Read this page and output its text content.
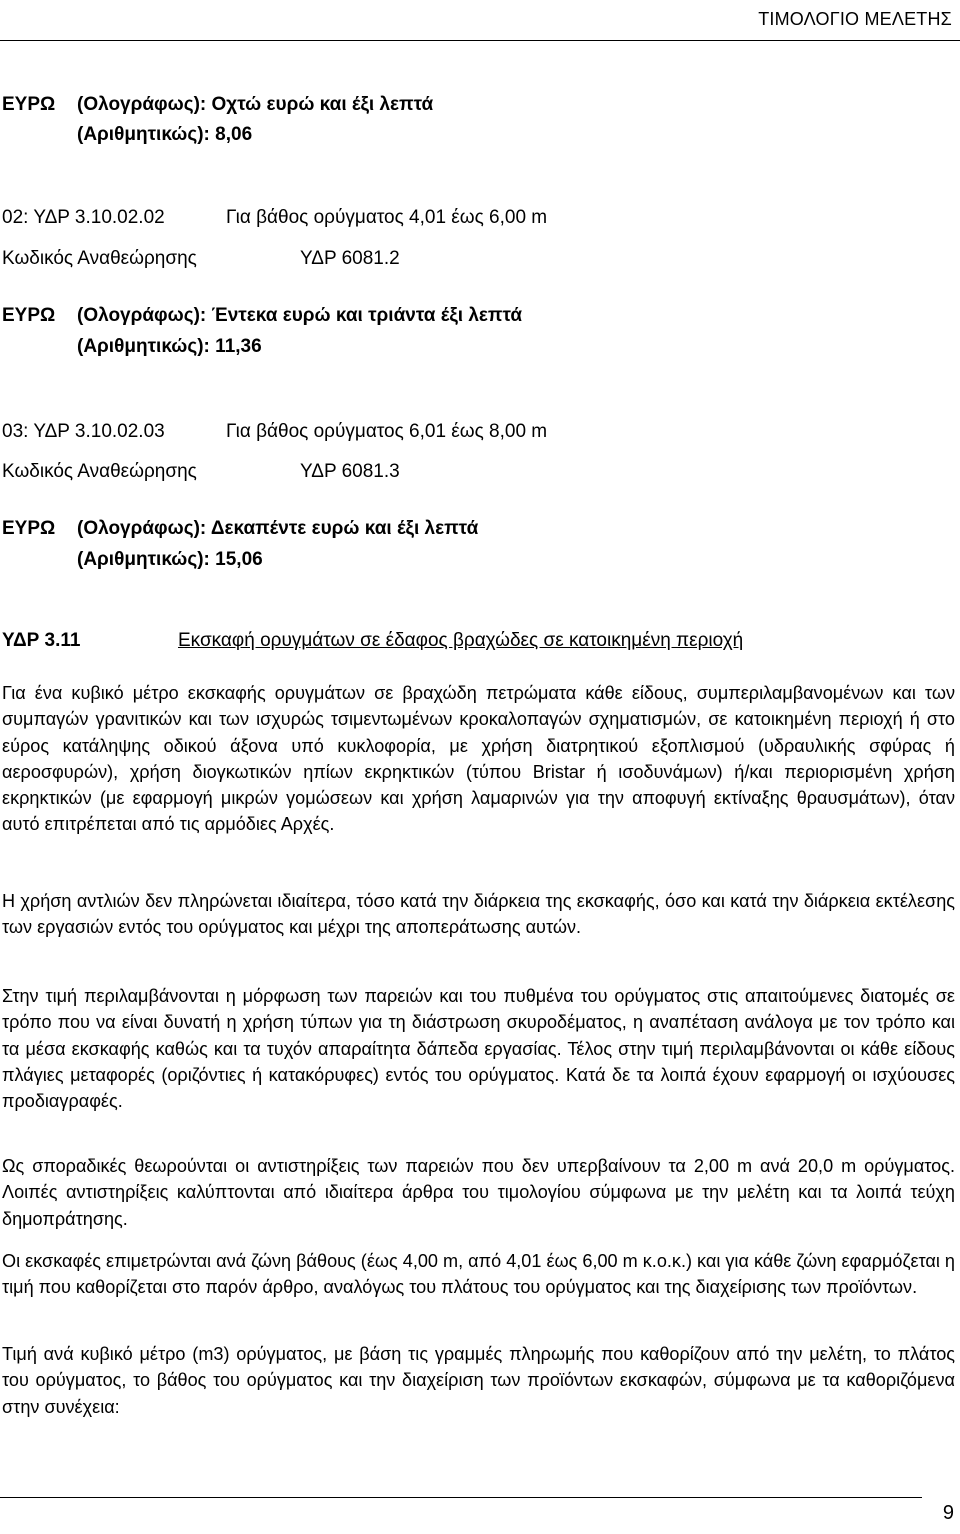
ΤΙΜΟΛΟΓΙΟ ΜΕΛΕΤΗΣ
ΕΥΡΩ (Ολογράφως): Οχτώ ευρώ και έξι λεπτά
(Αριθμητικώς): 8,06
02: ΥΔΡ 3.10.02.02	Για βάθος ορύγματος 4,01 έως 6,00 m
Κωδικός Αναθεώρησης	ΥΔΡ 6081.2
ΕΥΡΩ (Ολογράφως): Έντεκα ευρώ και τριάντα έξι λεπτά
(Αριθμητικώς): 11,36
03: ΥΔΡ 3.10.02.03	Για βάθος ορύγματος 6,01 έως 8,00 m
Κωδικός Αναθεώρησης	ΥΔΡ 6081.3
ΕΥΡΩ (Ολογράφως): Δεκαπέντε ευρώ και έξι λεπτά
(Αριθμητικώς): 15,06
ΥΔΡ 3.11	Εκσκαφή ορυγμάτων σε έδαφος βραχώδες σε κατοικημένη περιοχή

Για ένα κυβικό μέτρο εκσκαφής ορυγμάτων σε βραχώδη πετρώματα κάθε είδους, συμπεριλαμβανομένων και των συμπαγών γρανιτικών και των ισχυρώς τσιμεντωμένων κροκαλοπαγών σχηματισμών, σε κατοικημένη περιοχή ή στο εύρος κατάληψης οδικού άξονα υπό κυκλοφορία, με χρήση διατρητικού εξοπλισμού (υδραυλικής σφύρας ή αεροσφυρών), χρήση διογκωτικών ηπίων εκρηκτικών (τύπου Bristar ή ισοδυνάμων) ή/και περιορισμένη χρήση εκρηκτικών (με εφαρμογή μικρών γομώσεων και χρήση λαμαρινών για την αποφυγή εκτίναξης θραυσμάτων), όταν αυτό επιτρέπεται από τις αρμόδιες Αρχές.

Η χρήση αντλιών δεν πληρώνεται ιδιαίτερα, τόσο κατά την διάρκεια της εκσκαφής, όσο και κατά την διάρκεια εκτέλεσης των εργασιών εντός του ορύγματος και μέχρι της αποπεράτωσης αυτών.

Στην τιμή περιλαμβάνονται η μόρφωση των παρειών και του πυθμένα του ορύγματος στις απαιτούμενες διατομές σε τρόπο που να είναι δυνατή η χρήση τύπων για τη διάστρωση σκυροδέματος, η αναπέταση ανάλογα με τον τρόπο και τα μέσα εκσκαφής καθώς και τα τυχόν απαραίτητα δάπεδα εργασίας. Τέλος στην τιμή περιλαμβάνονται οι κάθε είδους πλάγιες μεταφορές (οριζόντιες ή κατακόρυφες) εντός του ορύγματος. Κατά δε τα λοιπά έχουν εφαρμογή οι ισχύουσες προδιαγραφές.

Ως σποραδικές θεωρούνται οι αντιστηρίξεις των παρειών που δεν υπερβαίνουν τα 2,00 m ανά 20,0 m ορύγματος. Λοιπές αντιστηρίξεις καλύπτονται από ιδιαίτερα άρθρα του τιμολογίου σύμφωνα με την μελέτη και τα λοιπά τεύχη δημοπράτησης.

Οι εκσκαφές επιμετρώνται ανά ζώνη βάθους (έως 4,00 m, από 4,01 έως 6,00 m κ.ο.κ.) και για κάθε ζώνη εφαρμόζεται η τιμή που καθορίζεται στο παρόν άρθρο, αναλόγως του πλάτους του ορύγματος και της διαχείρισης των προϊόντων.

Τιμή ανά κυβικό μέτρο (m3) ορύγματος, με βάση τις γραμμές πληρωμής που καθορίζουν από την μελέτη, το πλάτος του ορύγματος, το βάθος του ορύγματος και την διαχείριση των προϊόντων εκσκαφών, σύμφωνα με τα καθοριζόμενα στην συνέχεια:

9
